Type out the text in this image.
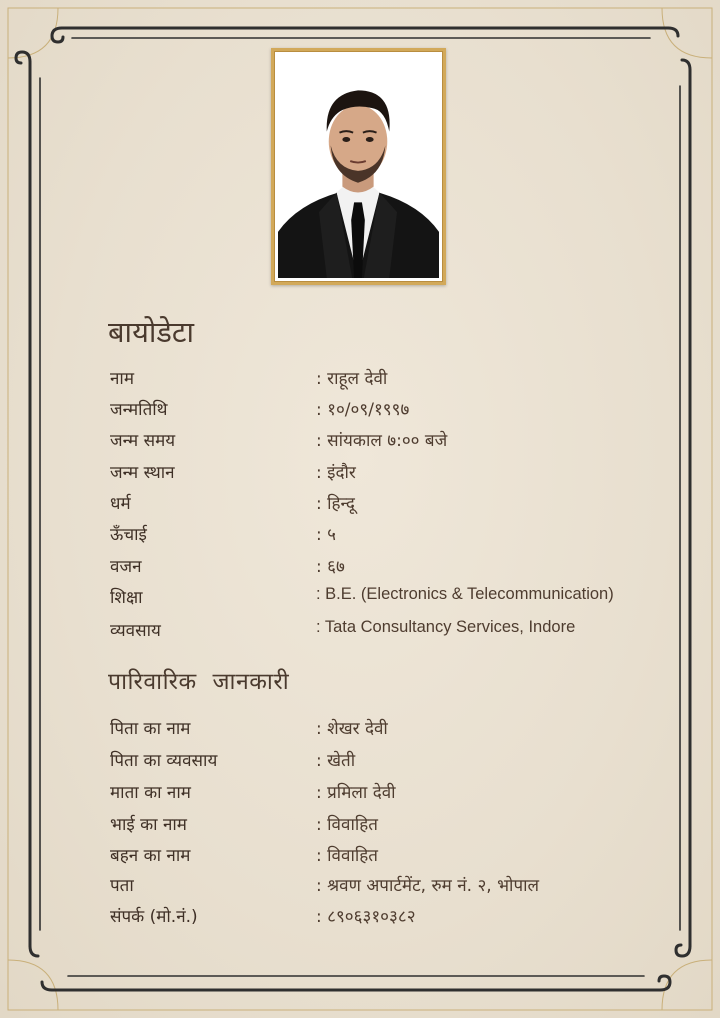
बायोडेटा
नाम	: राहूल देवी
जन्मतिथि	: १०/०९/१९९७
जन्म समय	: सांयकाल ७:०० बजे
जन्म स्थान	: इंदौर
धर्म	: हिन्दू
ऊँचाई	: ५
वजन	: ६७
शिक्षा	: B.E. (Electronics & Telecommunication)
व्यवसाय	: Tata Consultancy Services, Indore
पारिवारिक जानकारी
पिता का नाम	: शेखर देवी
पिता का व्यवसाय	: खेती
माता का नाम	: प्रमिला देवी
भाई का नाम	: विवाहित
बहन का नाम	: विवाहित
पता	: श्रवण अपार्टमेंट, रुम नं. २, भोपाल
संपर्क (मो.नं.)	: ८९०६३१०३८२
